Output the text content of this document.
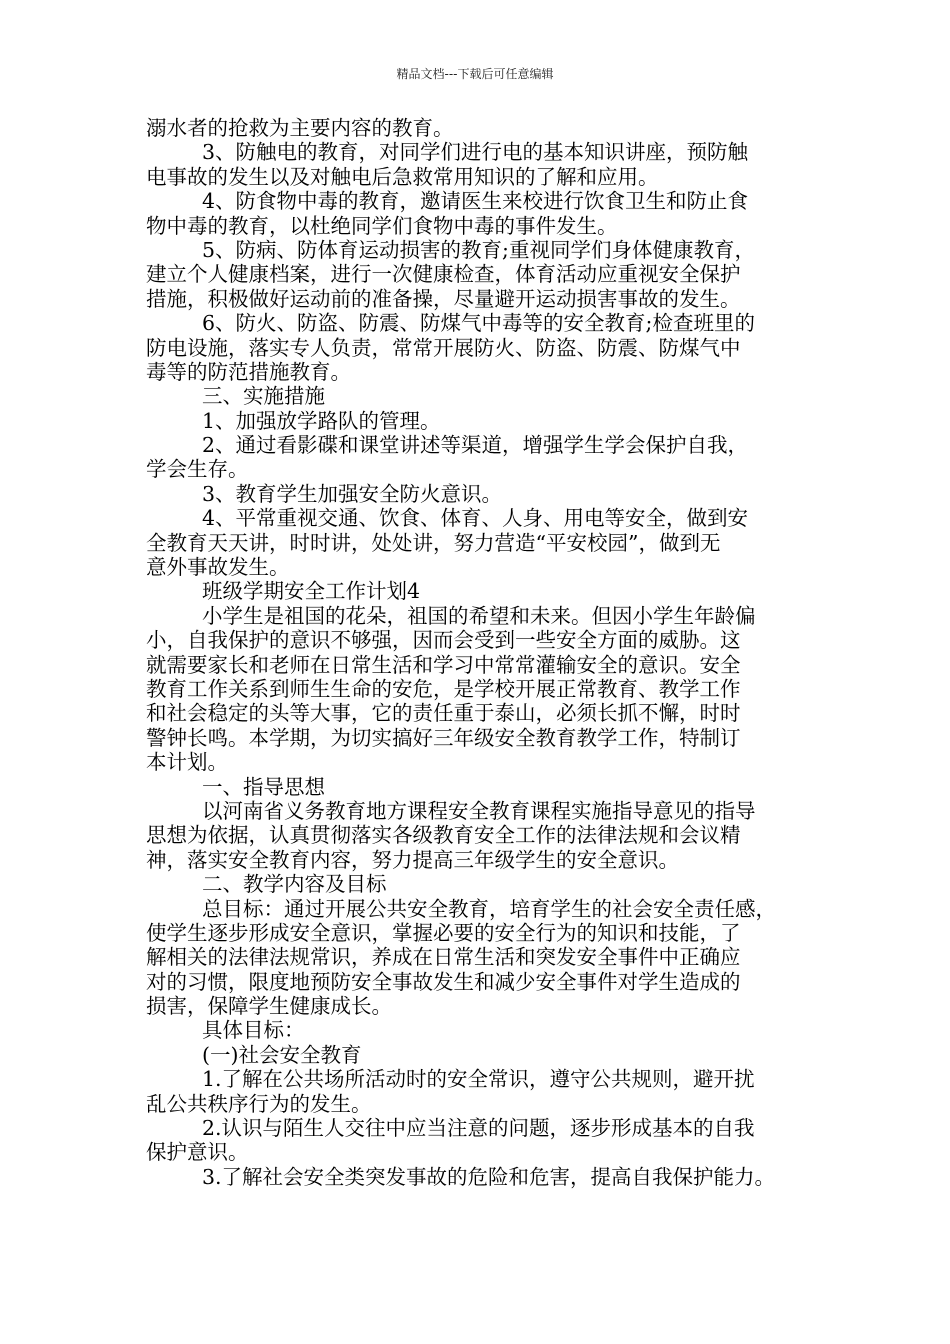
精品文档---下载后可任意编辑
溺水者的抢救为主要内容的教育。
3、防触电的教育，对同学们进行电的基本知识讲座，预防触
电事故的发生以及对触电后急救常用知识的了解和应用。
4、防食物中毒的教育，邀请医生来校进行饮食卫生和防止食
物中毒的教育，以杜绝同学们食物中毒的事件发生。
5、防病、防体育运动损害的教育;重视同学们身体健康教育，
建立个人健康档案，进行一次健康检查，体育活动应重视安全保护
措施，积极做好运动前的准备操，尽量避开运动损害事故的发生。
6、防火、防盗、防震、防煤气中毒等的安全教育;检查班里的
防电设施，落实专人负责，常常开展防火、防盗、防震、防煤气中
毒等的防范措施教育。
三、实施措施
1、加强放学路队的管理。
2、通过看影碟和课堂讲述等渠道，增强学生学会保护自我，
学会生存。
3、教育学生加强安全防火意识。
4、平常重视交通、饮食、体育、人身、用电等安全，做到安
全教育天天讲，时时讲，处处讲，努力营造“平安校园”，做到无
意外事故发生。
班级学期安全工作计划4
小学生是祖国的花朵，祖国的希望和未来。但因小学生年龄偏
小，自我保护的意识不够强，因而会受到一些安全方面的威胁。这
就需要家长和老师在日常生活和学习中常常灌输安全的意识。安全
教育工作关系到师生生命的安危，是学校开展正常教育、教学工作
和社会稳定的头等大事，它的责任重于泰山，必须长抓不懈，时时
警钟长鸣。本学期，为切实搞好三年级安全教育教学工作，特制订
本计划。
一、指导思想
以河南省义务教育地方课程安全教育课程实施指导意见的指导
思想为依据，认真贯彻落实各级教育安全工作的法律法规和会议精
神，落实安全教育内容，努力提高三年级学生的安全意识。
二、教学内容及目标
总目标：通过开展公共安全教育，培育学生的社会安全责任感，
使学生逐步形成安全意识，掌握必要的安全行为的知识和技能，了
解相关的法律法规常识，养成在日常生活和突发安全事件中正确应
对的习惯，限度地预防安全事故发生和减少安全事件对学生造成的
损害，保障学生健康成长。
具体目标：
(一)社会安全教育
1.了解在公共场所活动时的安全常识，遵守公共规则，避开扰
乱公共秩序行为的发生。
2.认识与陌生人交往中应当注意的问题，逐步形成基本的自我
保护意识。
3.了解社会安全类突发事故的危险和危害，提高自我保护能力。
